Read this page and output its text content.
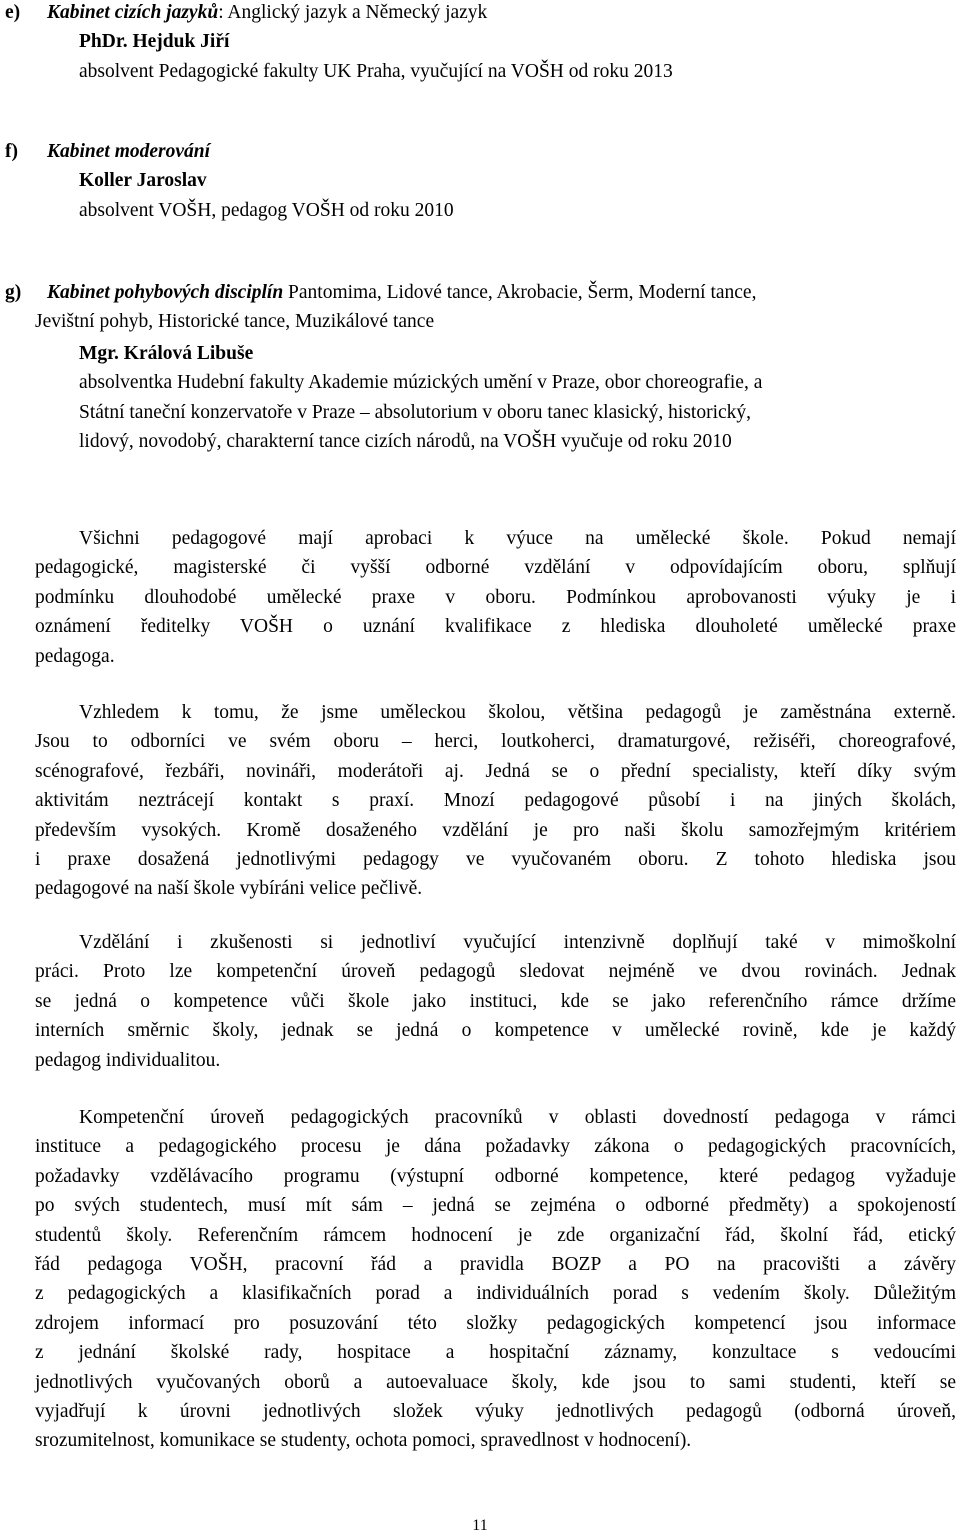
e) Kabinet cizích jazyků: Anglický jazyk a Německý jazyk
PhDr. Hejduk Jiří
absolvent Pedagogické fakulty UK Praha, vyučující na VOŠH od roku 2013
f) Kabinet moderování
Koller Jaroslav
absolvent VOŠH, pedagog VOŠH od roku 2010
g) Kabinet pohybových disciplín Pantomima, Lidové tance, Akrobacie, Šerm, Moderní tance,
Jevištní pohyb, Historické tance, Muzikálové tance
Mgr. Králová Libuše
absolventka Hudební fakulty Akademie múzických umění v Praze, obor choreografie, a
Státní taneční konzervatoře v Praze – absolutorium v oboru tanec klasický, historický,
lidový, novodobý, charakterní tance cizích národů, na VOŠH vyučuje od roku 2010
Všichni pedagogové mají aprobaci k výuce na umělecké škole. Pokud nemají
pedagogické, magisterské či vyšší odborné vzdělání v odpovídajícím oboru, splňují
podmínku dlouhodobé umělecké praxe v oboru. Podmínkou aprobovanosti výuky je i
oznámení ředitelky VOŠH o uznání kvalifikace z hlediska dlouholeté umělecké praxe
pedagoga.
Vzhledem k tomu, že jsme uměleckou školou, většina pedagogů je zaměstnána externě.
Jsou to odborníci ve svém oboru – herci, loutkoherci, dramaturgové, režiséři, choreografové,
scénografové, řezbáři, novináři, moderátoři aj. Jedná se o přední specialisty, kteří díky svým
aktivitám neztrácejí kontakt s praxí. Mnozí pedagogové působí i na jiných školách,
především vysokých. Kromě dosaženého vzdělání je pro naši školu samozřejmým kritériem
i praxe dosažená jednotlivými pedagogy ve vyučovaném oboru. Z tohoto hlediska jsou
pedagogové na naší škole vybíráni velice pečlivě.
Vzdělání i zkušenosti si jednotliví vyučující intenzivně doplňují také v mimoškolní
práci. Proto lze kompetenční úroveň pedagogů sledovat nejméně ve dvou rovinách. Jednak
se jedná o kompetence vůči škole jako instituci, kde se jako referenčního rámce držíme
interních směrnic školy, jednak se jedná o kompetence v umělecké rovině, kde je každý
pedagog individualitou.
Kompetenční úroveň pedagogických pracovníků v oblasti dovedností pedagoga v rámci
instituce a pedagogického procesu je dána požadavky zákona o pedagogických pracovnících,
požadavky vzdělávacího programu (výstupní odborné kompetence, které pedagog vyžaduje
po svých studentech, musí mít sám – jedná se zejména o odborné předměty) a spokojeností
studentů školy. Referenčním rámcem hodnocení je zde organizační řád, školní řád, etický
řád pedagoga VOŠH, pracovní řád a pravidla BOZP a PO na pracovišti a závěry
z pedagogických a klasifikačních porad a individuálních porad s vedením školy. Důležitým
zdrojem informací pro posuzování této složky pedagogických kompetencí jsou informace
z jednání školské rady, hospitace a hospitační záznamy, konzultace s vedoucími
jednotlivých vyučovaných oborů a autoevaluace školy, kde jsou to sami studenti, kteří se
vyjadřují k úrovni jednotlivých složek výuky jednotlivých pedagogů (odborná úroveň,
srozumitelnost, komunikace se studenty, ochota pomoci, spravedlnost v hodnocení).
11
